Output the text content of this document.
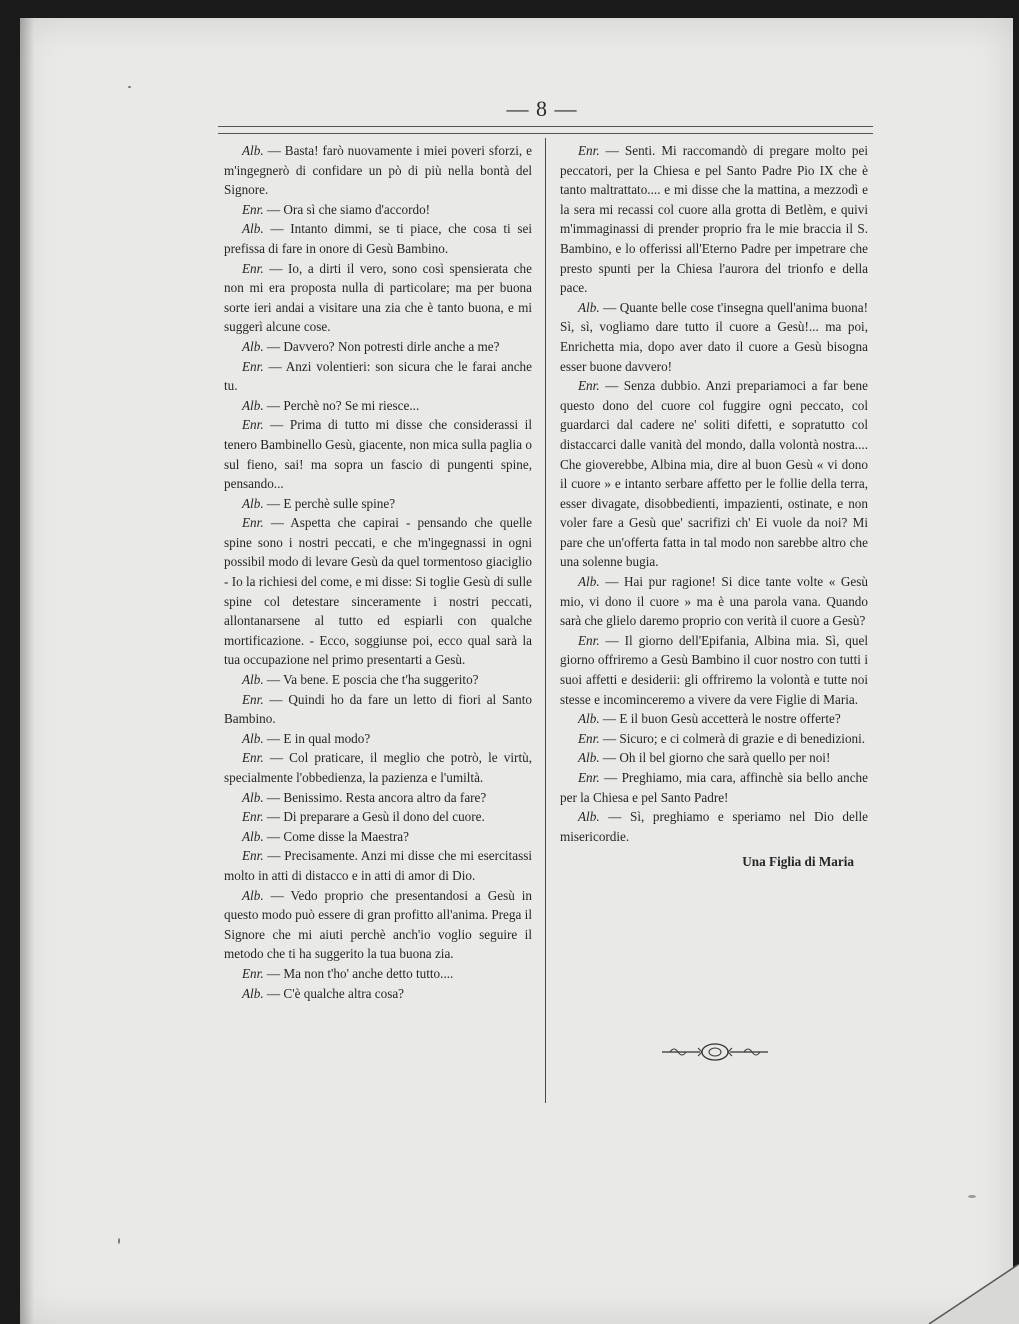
— 8 —

Alb. — Basta! farò nuovamente i miei poveri sforzi, e m'ingegnerò di confidare un pò di più nella bontà del Signore.

Enr. — Ora sì che siamo d'accordo!

Alb. — Intanto dimmi, se ti piace, che cosa ti sei prefissa di fare in onore di Gesù Bambino.

Enr. — Io, a dirti il vero, sono così spensierata che non mi era proposta nulla di particolare; ma per buona sorte ieri andai a visitare una zia che è tanto buona, e mi suggerì alcune cose.

Alb. — Davvero? Non potresti dirle anche a me?

Enr. — Anzi volentieri: son sicura che le farai anche tu.

Alb. — Perchè no? Se mi riesce...

Enr. — Prima di tutto mi disse che considerassi il tenero Bambinello Gesù, giacente, non mica sulla paglia o sul fieno, sai! ma sopra un fascio di pungenti spine, pensando...

Alb. — E perchè sulle spine?

Enr. — Aspetta che capirai - pensando che quelle spine sono i nostri peccati, e che m'ingegnassi in ogni possibil modo di levare Gesù da quel tormentoso giaciglio - Io la richiesi del come, e mi disse: Si toglie Gesù di sulle spine col detestare sinceramente i nostri peccati, allontanarsene al tutto ed espiarli con qualche mortificazione. - Ecco, soggiunse poi, ecco qual sarà la tua occupazione nel primo presentarti a Gesù.

Alb. — Va bene. E poscia che t'ha suggerito?

Enr. — Quindi ho da fare un letto di fiori al Santo Bambino.

Alb. — E in qual modo?

Enr. — Col praticare, il meglio che potrò, le virtù, specialmente l'obbedienza, la pazienza e l'umiltà.

Alb. — Benissimo. Resta ancora altro da fare?

Enr. — Di preparare a Gesù il dono del cuore.

Alb. — Come disse la Maestra?

Enr. — Precisamente. Anzi mi disse che mi esercitassi molto in atti di distacco e in atti di amor di Dio.

Alb. — Vedo proprio che presentandosi a Gesù in questo modo può essere di gran profitto all'anima. Prega il Signore che mi aiuti perchè anch'io voglio seguire il metodo che ti ha suggerito la tua buona zia.

Enr. — Ma non t'ho' anche detto tutto....

Alb. — C'è qualche altra cosa?

Enr. — Senti. Mi raccomandò di pregare molto pei peccatori, per la Chiesa e pel Santo Padre Pio IX che è tanto maltrattato.... e mi disse che la mattina, a mezzodì e la sera mi recassi col cuore alla grotta di Betlèm, e quivi m'immaginassi di prender proprio fra le mie braccia il S. Bambino, e lo offerissi all'Eterno Padre per impetrare che presto spunti per la Chiesa l'aurora del trionfo e della pace.

Alb. — Quante belle cose t'insegna quell'anima buona! Sì, sì, vogliamo dare tutto il cuore a Gesù!... ma poi, Enrichetta mia, dopo aver dato il cuore a Gesù bisogna esser buone davvero!

Enr. — Senza dubbio. Anzi prepariamoci a far bene questo dono del cuore col fuggire ogni peccato, col guardarci dal cadere ne' soliti difetti, e sopratutto col distaccarci dalle vanità del mondo, dalla volontà nostra.... Che gioverebbe, Albina mia, dire al buon Gesù « vi dono il cuore » e intanto serbare affetto per le follie della terra, esser divagate, disobbedienti, impazienti, ostinate, e non voler fare a Gesù que' sacrifizi ch' Ei vuole da noi? Mi pare che un'offerta fatta in tal modo non sarebbe altro che una solenne bugia.

Alb. — Hai pur ragione! Si dice tante volte « Gesù mio, vi dono il cuore » ma è una parola vana. Quando sarà che glielo daremo proprio con verità il cuore a Gesù?

Enr. — Il giorno dell'Epifania, Albina mia. Sì, quel giorno offriremo a Gesù Bambino il cuor nostro con tutti i suoi affetti e desiderii: gli offriremo la volontà e tutte noi stesse e incominceremo a vivere da vere Figlie di Maria.

Alb. — E il buon Gesù accetterà le nostre offerte?

Enr. — Sicuro; e ci colmerà di grazie e di benedizioni.

Alb. — Oh il bel giorno che sarà quello per noi!

Enr. — Preghiamo, mia cara, affinchè sia bello anche per la Chiesa e pel Santo Padre!

Alb. — Sì, preghiamo e speriamo nel Dio delle misericordie.

Una Figlia di Maria
